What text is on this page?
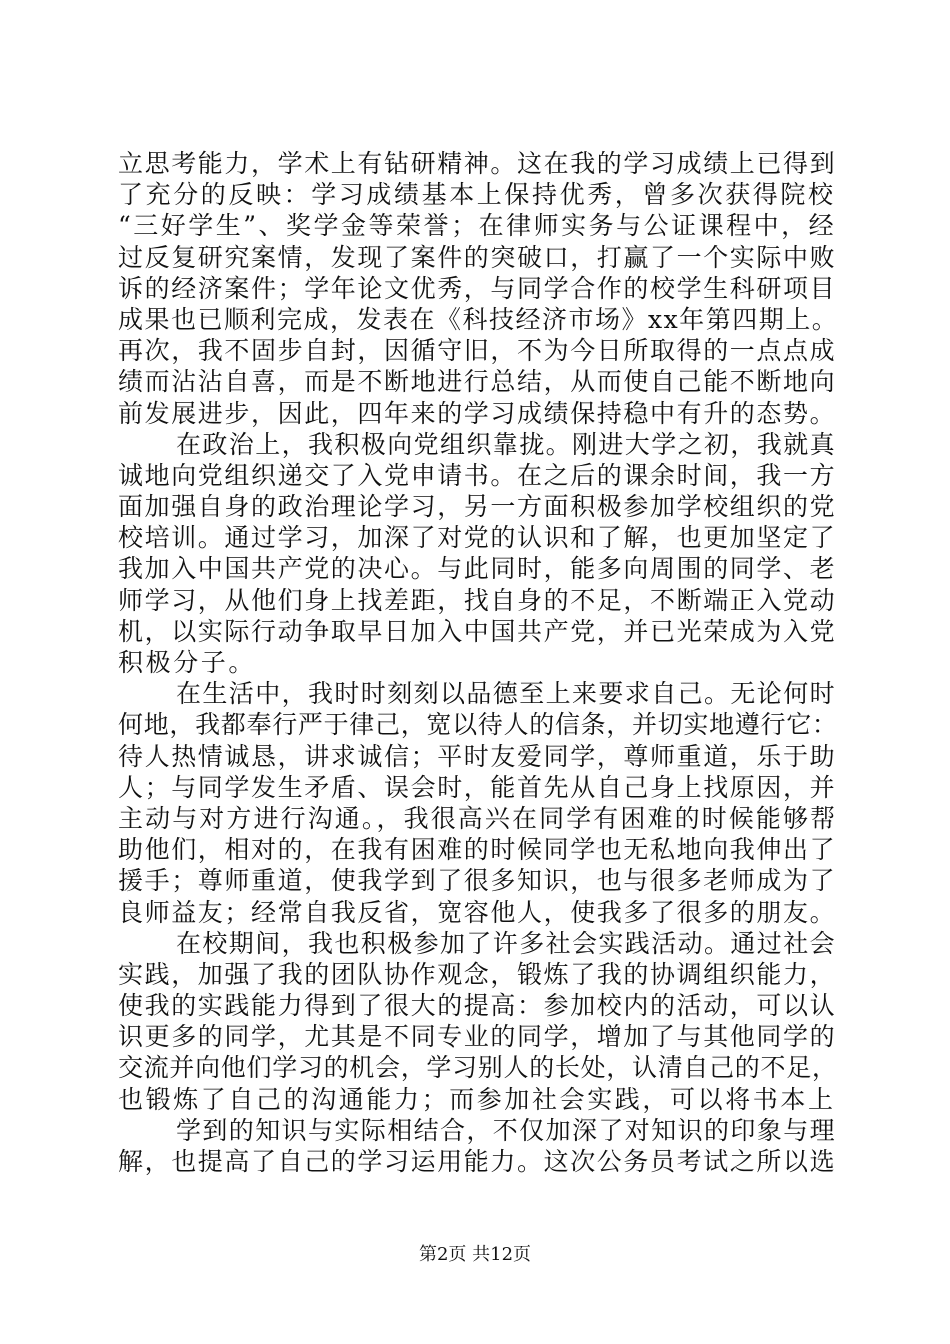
立思考能力，学术上有钻研精神。这在我的学习成绩上已得到
了充分的反映：学习成绩基本上保持优秀，曾多次获得院校
“三好学生”、奖学金等荣誉；在律师实务与公证课程中，经
过反复研究案情，发现了案件的突破口，打赢了一个实际中败
诉的经济案件；学年论文优秀，与同学合作的校学生科研项目
成果也已顺利完成，发表在《科技经济市场》xx年第四期上。
再次，我不固步自封，因循守旧，不为今日所取得的一点点成
绩而沾沾自喜，而是不断地进行总结，从而使自己能不断地向
前发展进步，因此，四年来的学习成绩保持稳中有升的态势。
在政治上，我积极向党组织靠拢。刚进大学之初，我就真
诚地向党组织递交了入党申请书。在之后的课余时间，我一方
面加强自身的政治理论学习，另一方面积极参加学校组织的党
校培训。通过学习，加深了对党的认识和了解，也更加坚定了
我加入中国共产党的决心。与此同时，能多向周围的同学、老
师学习，从他们身上找差距，找自身的不足，不断端正入党动
机，以实际行动争取早日加入中国共产党，并已光荣成为入党
积极分子。
在生活中，我时时刻刻以品德至上来要求自己。无论何时
何地，我都奉行严于律己，宽以待人的信条，并切实地遵行它：
待人热情诚恳，讲求诚信；平时友爱同学，尊师重道，乐于助
人；与同学发生矛盾、误会时，能首先从自己身上找原因，并
主动与对方进行沟通。，我很高兴在同学有困难的时候能够帮
助他们，相对的，在我有困难的时候同学也无私地向我伸出了
援手；尊师重道，使我学到了很多知识，也与很多老师成为了
良师益友；经常自我反省，宽容他人，使我多了很多的朋友。
在校期间，我也积极参加了许多社会实践活动。通过社会
实践，加强了我的团队协作观念，锻炼了我的协调组织能力，
使我的实践能力得到了很大的提高：参加校内的活动，可以认
识更多的同学，尤其是不同专业的同学，增加了与其他同学的
交流并向他们学习的机会，学习别人的长处，认清自己的不足，
也锻炼了自己的沟通能力；而参加社会实践，可以将书本上
学到的知识与实际相结合，不仅加深了对知识的印象与理
解，也提高了自己的学习运用能力。这次公务员考试之所以选
第2页 共12页
